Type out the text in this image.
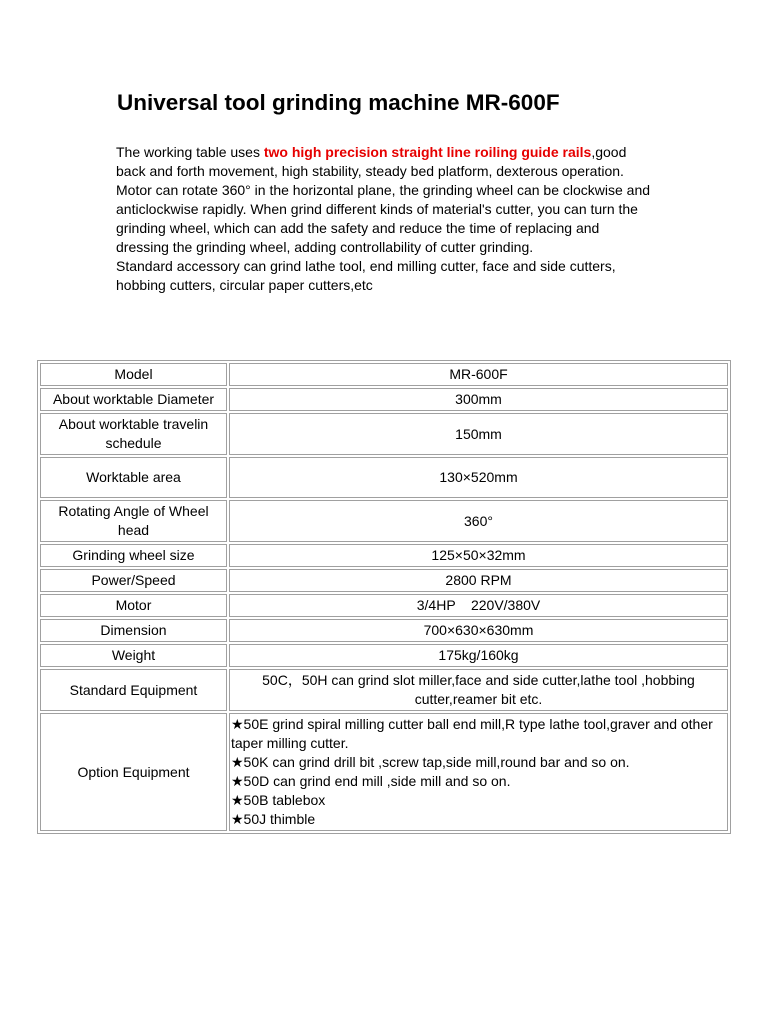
Universal tool grinding machine MR-600F

The working table uses two high precision straight line roiling guide rails,good back and forth movement, high stability, steady bed platform, dexterous operation.

Motor can rotate 360° in the horizontal plane, the grinding wheel can be clockwise and anticlockwise rapidly. When grind different kinds of material's cutter, you can turn the grinding wheel, which can add the safety and reduce the time of replacing and dressing the grinding wheel, adding controllability of cutter grinding.

Standard accessory can grind lathe tool, end milling cutter, face and side cutters, hobbing cutters, circular paper cutters,etc

Model	MR-600F
About worktable Diameter	300mm
About worktable travelin schedule	150mm
Worktable area	130×520mm
Rotating Angle of Wheel head	360°
Grinding wheel size	125×50×32mm
Power/Speed	2800 RPM
Motor	3/4HP    220V/380V
Dimension	700×630×630mm
Weight	175kg/160kg
Standard Equipment	50C，50H can grind slot miller,face and side cutter,lathe tool ,hobbing cutter,reamer bit etc.
Option Equipment	★50E grind spiral milling cutter ball end mill,R type lathe tool,graver and other taper milling cutter.
★50K can grind drill bit ,screw tap,side mill,round bar and so on.
★50D can grind end mill ,side mill and so on.
★50B tablebox
★50J thimble
